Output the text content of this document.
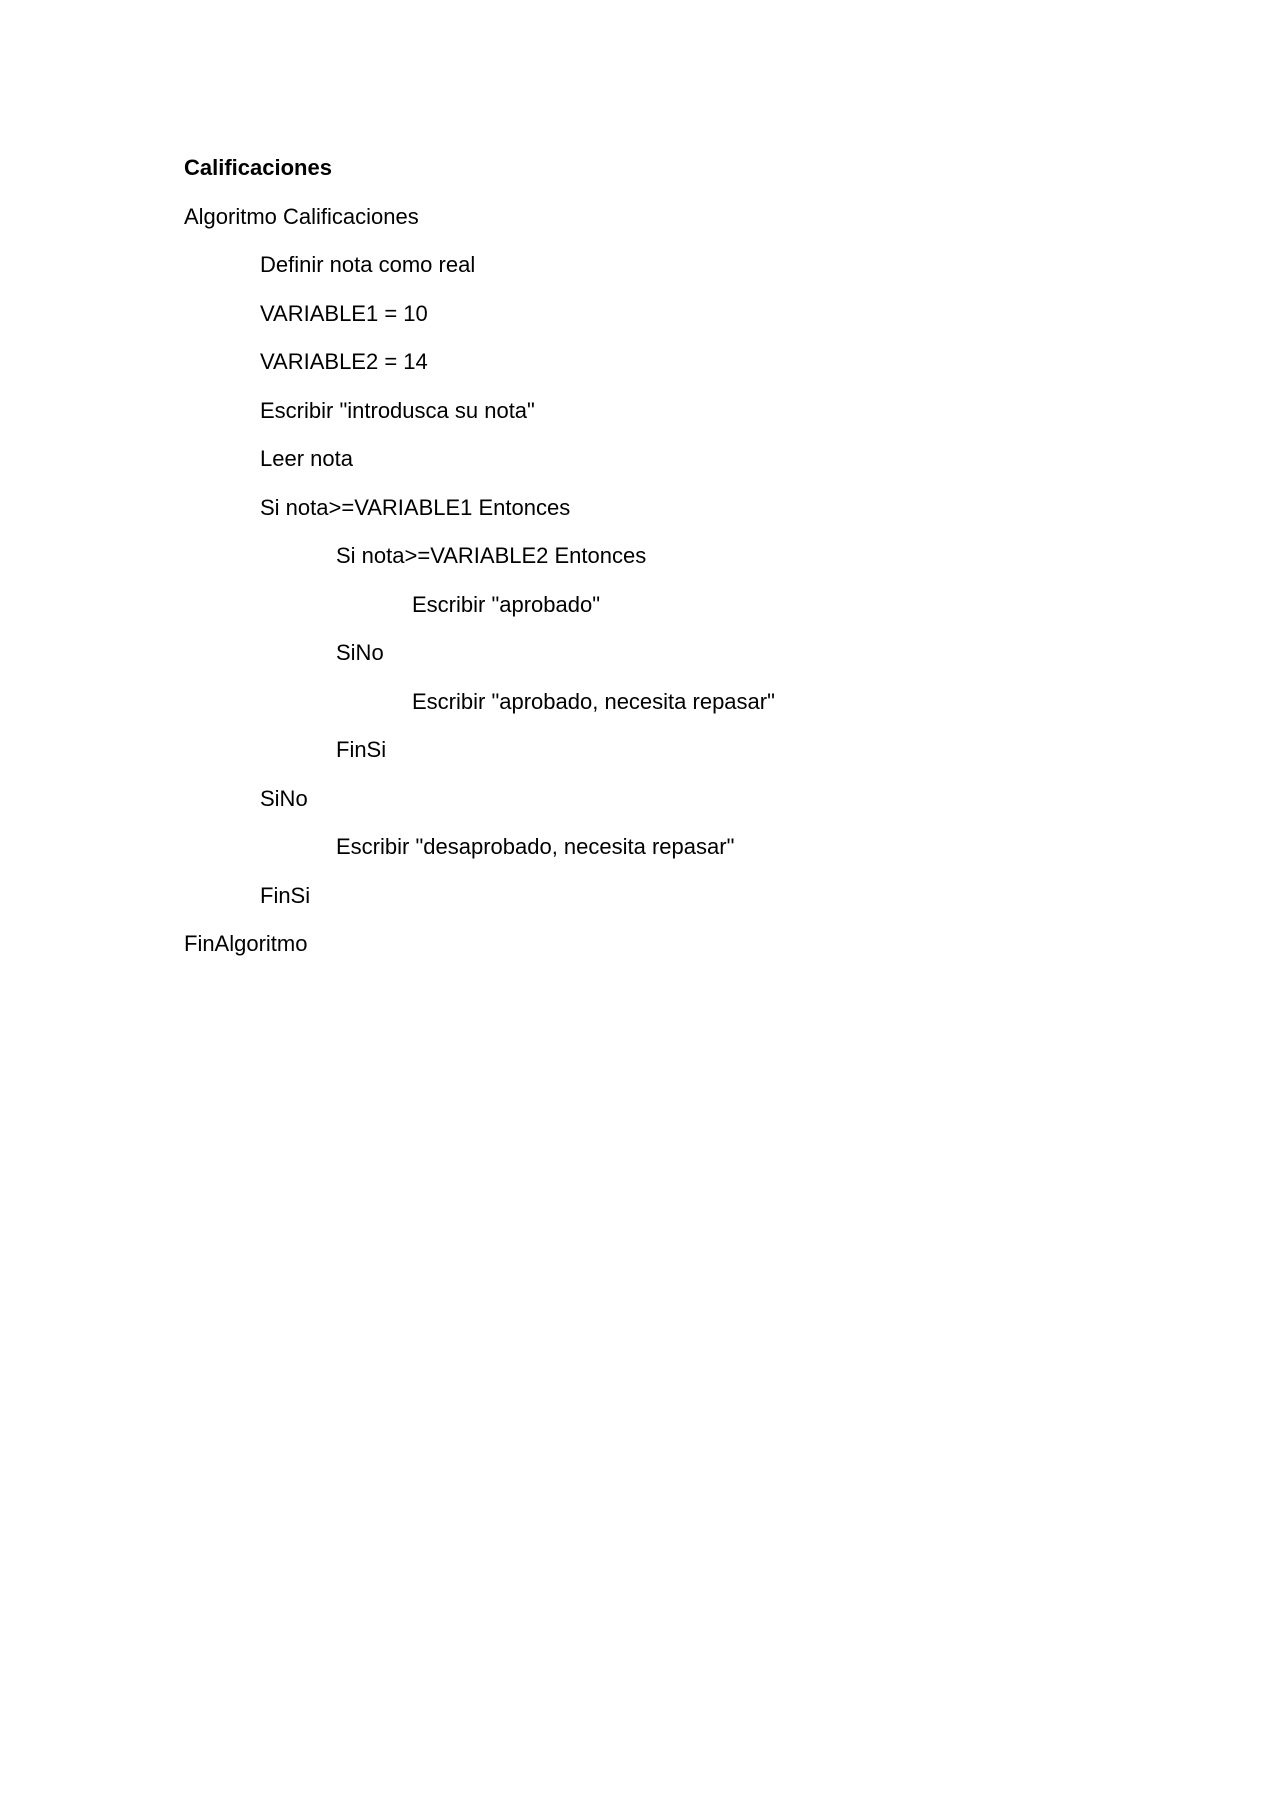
Calificaciones
Algoritmo Calificaciones
Definir nota como real
VARIABLE1 = 10
VARIABLE2 = 14
Escribir "introdusca su nota"
Leer nota
Si nota>=VARIABLE1 Entonces
Si nota>=VARIABLE2 Entonces
Escribir "aprobado"
SiNo
Escribir "aprobado, necesita repasar"
FinSi
SiNo
Escribir "desaprobado, necesita repasar"
FinSi
FinAlgoritmo
